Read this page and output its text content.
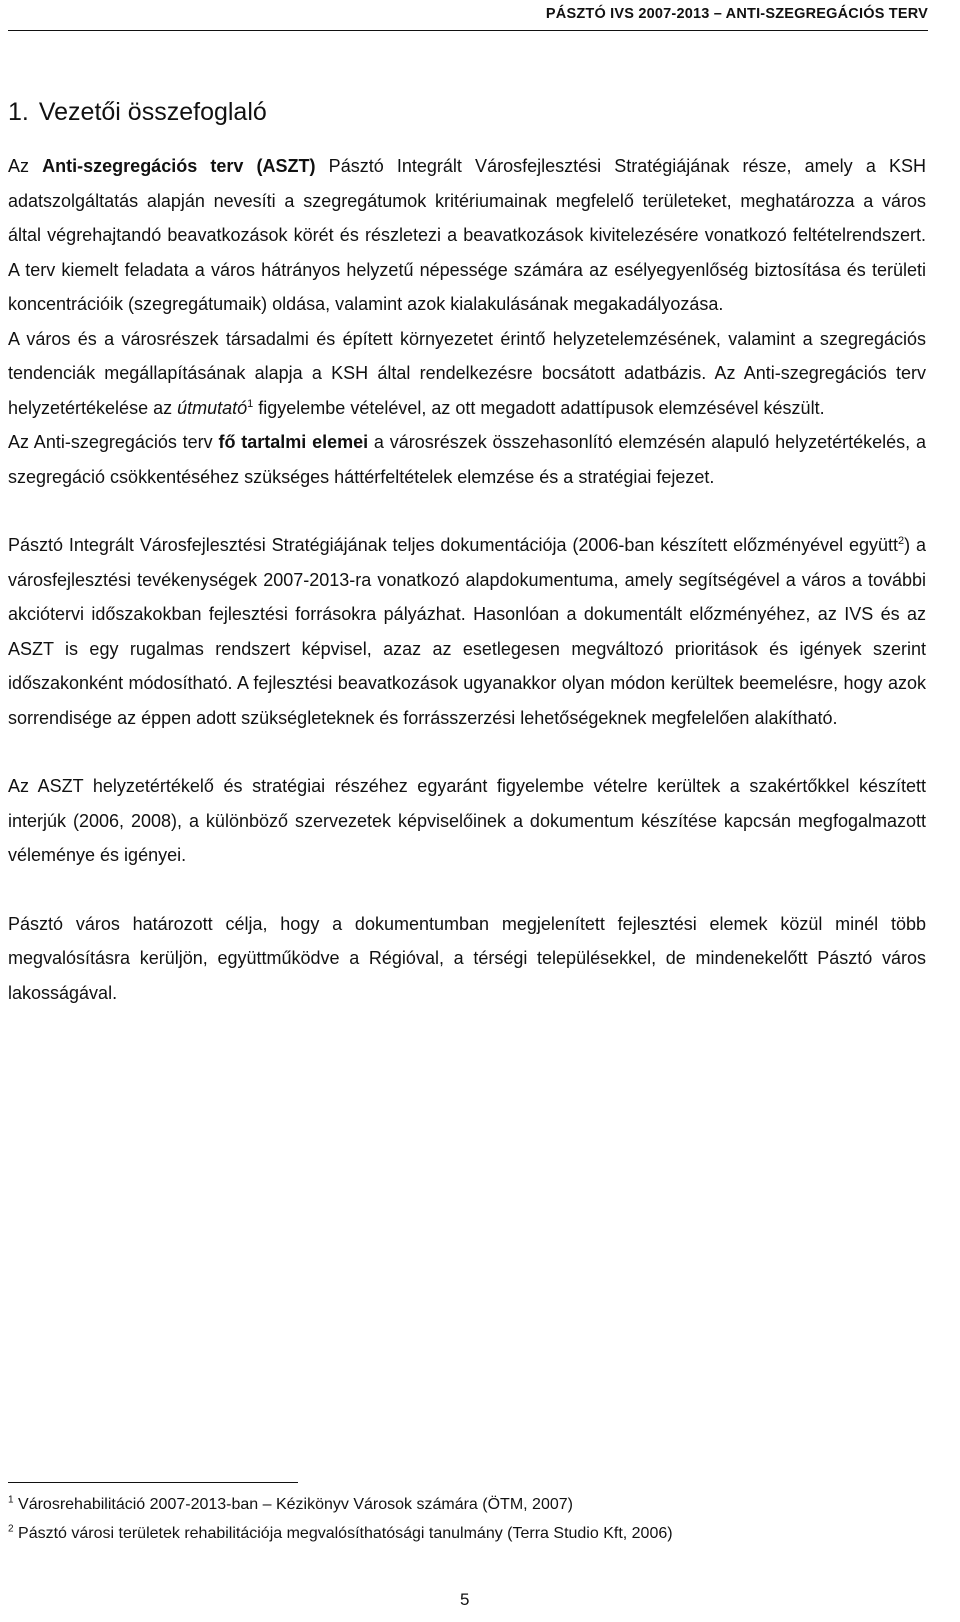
PÁSZTÓ IVS 2007-2013 – ANTI-SZEGREGÁCIÓS TERV
1. Vezetői összefoglaló

Az Anti-szegregációs terv (ASZT) Pásztó Integrált Városfejlesztési Stratégiájának része, amely a KSH adatszolgáltatás alapján nevesíti a szegregátumok kritériumainak megfelelő területeket, meghatározza a város által végrehajtandó beavatkozások körét és részletezi a beavatkozások kivitelezésére vonatkozó feltételrendszert. A terv kiemelt feladata a város hátrányos helyzetű népessége számára az esélyegyenlőség biztosítása és területi koncentrációik (szegregátumaik) oldása, valamint azok kialakulásának megakadályozása.

A város és a városrészek társadalmi és épített környezetet érintő helyzetelemzésének, valamint a szegregációs tendenciák megállapításának alapja a KSH által rendelkezésre bocsátott adatbázis. Az Anti-szegregációs terv helyzetértékelése az útmutató$^1$ figyelembe vételével, az ott megadott adattípusok elemzésével készült.

Az Anti-szegregációs terv fő tartalmi elemei a városrészek összehasonlító elemzésén alapuló helyzetértékelés, a szegregáció csökkentéséhez szükséges háttérfeltételek elemzése és a stratégiai fejezet.

Pásztó Integrált Városfejlesztési Stratégiájának teljes dokumentációja (2006-ban készített előzményével együtt$^2$) a városfejlesztési tevékenységek 2007-2013-ra vonatkozó alapdokumentuma, amely segítségével a város a további akciótervi időszakokban fejlesztési forrásokra pályázhat. Hasonlóan a dokumentált előzményéhez, az IVS és az ASZT is egy rugalmas rendszert képvisel, azaz az esetlegesen megváltozó prioritások és igények szerint időszakonként módosítható. A fejlesztési beavatkozások ugyanakkor olyan módon kerültek beemelésre, hogy azok sorrendisége az éppen adott szükségleteknek és forrásszerzési lehetőségeknek megfelelően alakítható.

Az ASZT helyzetértékelő és stratégiai részéhez egyaránt figyelembe vételre kerültek a szakértőkkel készített interjúk (2006, 2008), a különböző szervezetek képviselőinek a dokumentum készítése kapcsán megfogalmazott véleménye és igényei.

Pásztó város határozott célja, hogy a dokumentumban megjelenített fejlesztési elemek közül minél több megvalósításra kerüljön, együttműködve a Régióval, a térségi településekkel, de mindenekelőtt Pásztó város lakosságával.

$^1$ Városrehabilitáció 2007-2013-ban – Kézikönyv Városok számára (ÖTM, 2007)
$^2$ Pásztó városi területek rehabilitációja megvalósíthatósági tanulmány (Terra Studio Kft, 2006)
5
